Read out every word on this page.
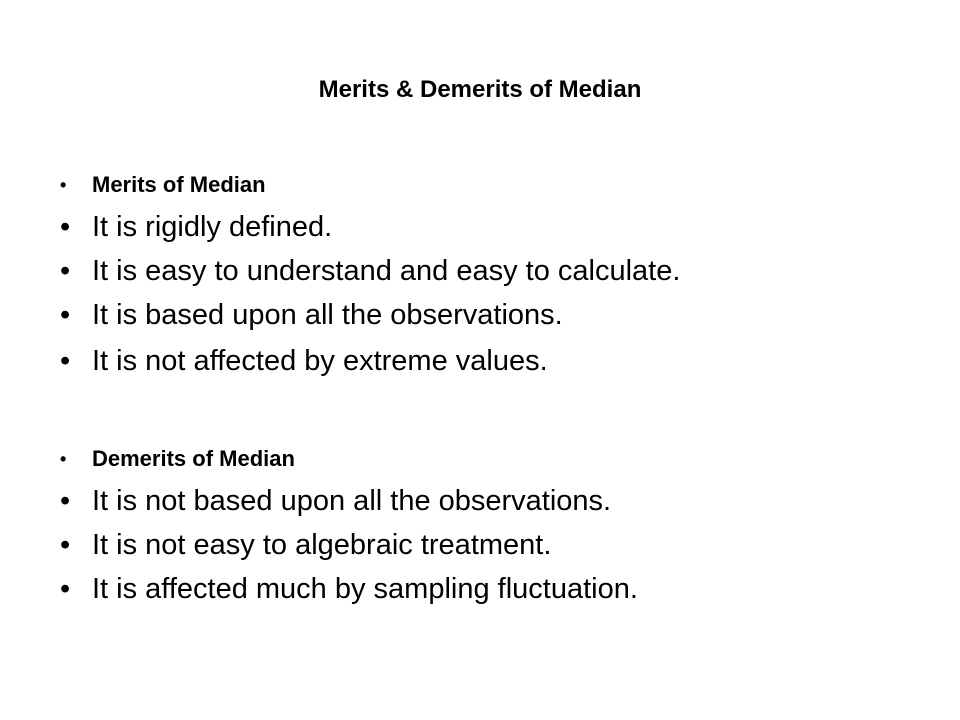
Merits & Demerits of Median
• Merits of Median
• It is rigidly defined.
• It is easy to understand and easy to calculate.
• It is based upon all the observations.
• It is not affected by extreme values.
• Demerits of Median
• It is not based upon all the observations.
• It is not easy to algebraic treatment.
• It is affected much by sampling fluctuation.
